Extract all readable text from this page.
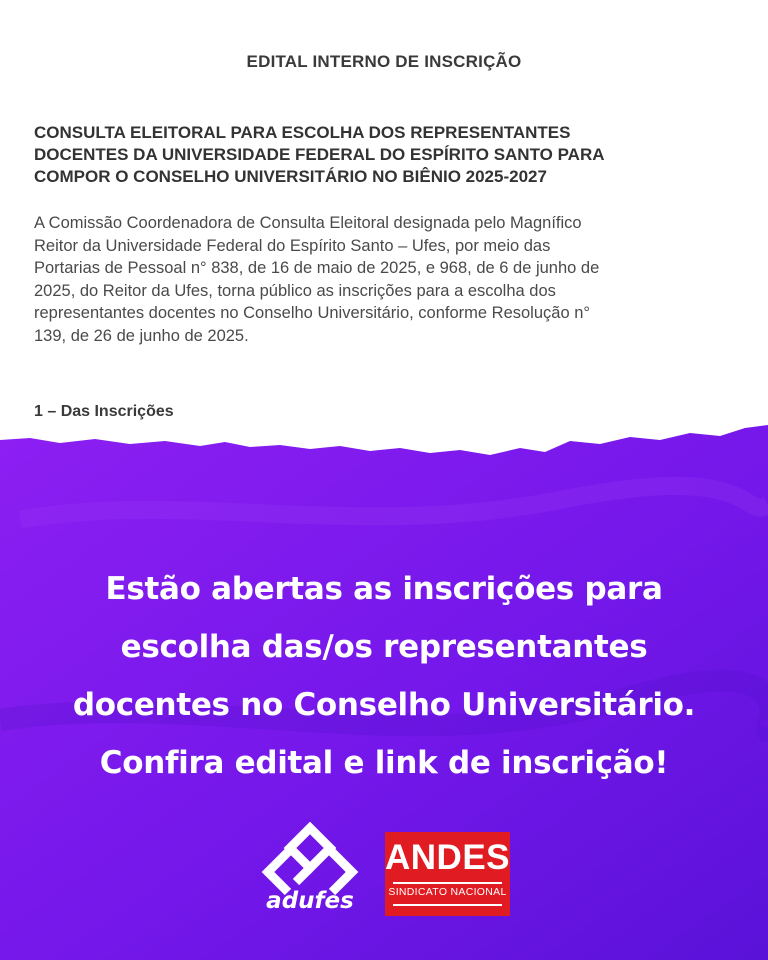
EDITAL INTERNO DE INSCRIÇÃO
CONSULTA ELEITORAL PARA ESCOLHA DOS REPRESENTANTES
DOCENTES DA UNIVERSIDADE FEDERAL DO ESPÍRITO SANTO PARA
COMPOR O CONSELHO UNIVERSITÁRIO NO BIÊNIO 2025-2027
A Comissão Coordenadora de Consulta Eleitoral designada pelo Magnífico
Reitor da Universidade Federal do Espírito Santo – Ufes, por meio das
Portarias de Pessoal n° 838, de 16 de maio de 2025, e 968, de 6 de junho de
2025, do Reitor da Ufes, torna público as inscrições para a escolha dos
representantes docentes no Conselho Universitário, conforme Resolução n°
139, de 26 de junho de 2025.
1 – Das Inscrições
Estão abertas as inscrições para
escolha das/os representantes
docentes no Conselho Universitário.
Confira edital e link de inscrição!
adufes
ANDES
SINDICATO NACIONAL
